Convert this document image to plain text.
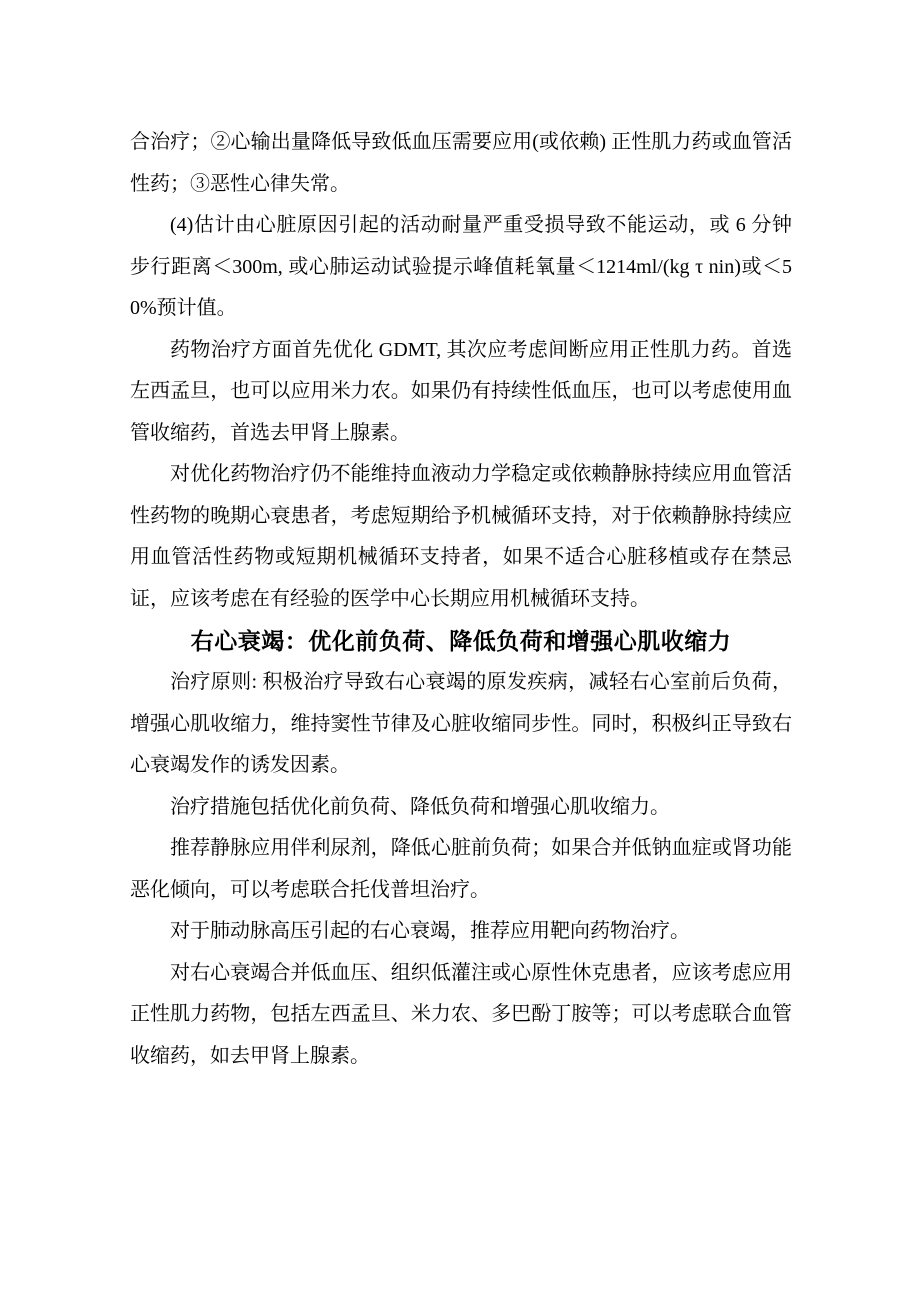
合治疗；②心输出量降低导致低血压需要应用(或依赖) 正性肌力药或血管活性药；③恶性心律失常。

(4)估计由心脏原因引起的活动耐量严重受损导致不能运动，或 6 分钟步行距离＜300m, 或心肺运动试验提示峰值耗氧量＜1214ml/(kg τ nin)或＜50%预计值。

药物治疗方面首先优化 GDMT, 其次应考虑间断应用正性肌力药。首选左西孟旦，也可以应用米力农。如果仍有持续性低血压，也可以考虑使用血管收缩药，首选去甲肾上腺素。

对优化药物治疗仍不能维持血液动力学稳定或依赖静脉持续应用血管活性药物的晚期心衰患者，考虑短期给予机械循环支持，对于依赖静脉持续应用血管活性药物或短期机械循环支持者，如果不适合心脏移植或存在禁忌证，应该考虑在有经验的医学中心长期应用机械循环支持。

右心衰竭：优化前负荷、降低负荷和增强心肌收缩力

治疗原则: 积极治疗导致右心衰竭的原发疾病，减轻右心室前后负荷，增强心肌收缩力，维持窦性节律及心脏收缩同步性。同时，积极纠正导致右心衰竭发作的诱发因素。

治疗措施包括优化前负荷、降低负荷和增强心肌收缩力。

推荐静脉应用伴利尿剂，降低心脏前负荷；如果合并低钠血症或肾功能恶化倾向，可以考虑联合托伐普坦治疗。

对于肺动脉高压引起的右心衰竭，推荐应用靶向药物治疗。

对右心衰竭合并低血压、组织低灌注或心原性休克患者，应该考虑应用正性肌力药物，包括左西孟旦、米力农、多巴酚丁胺等；可以考虑联合血管收缩药，如去甲肾上腺素。
